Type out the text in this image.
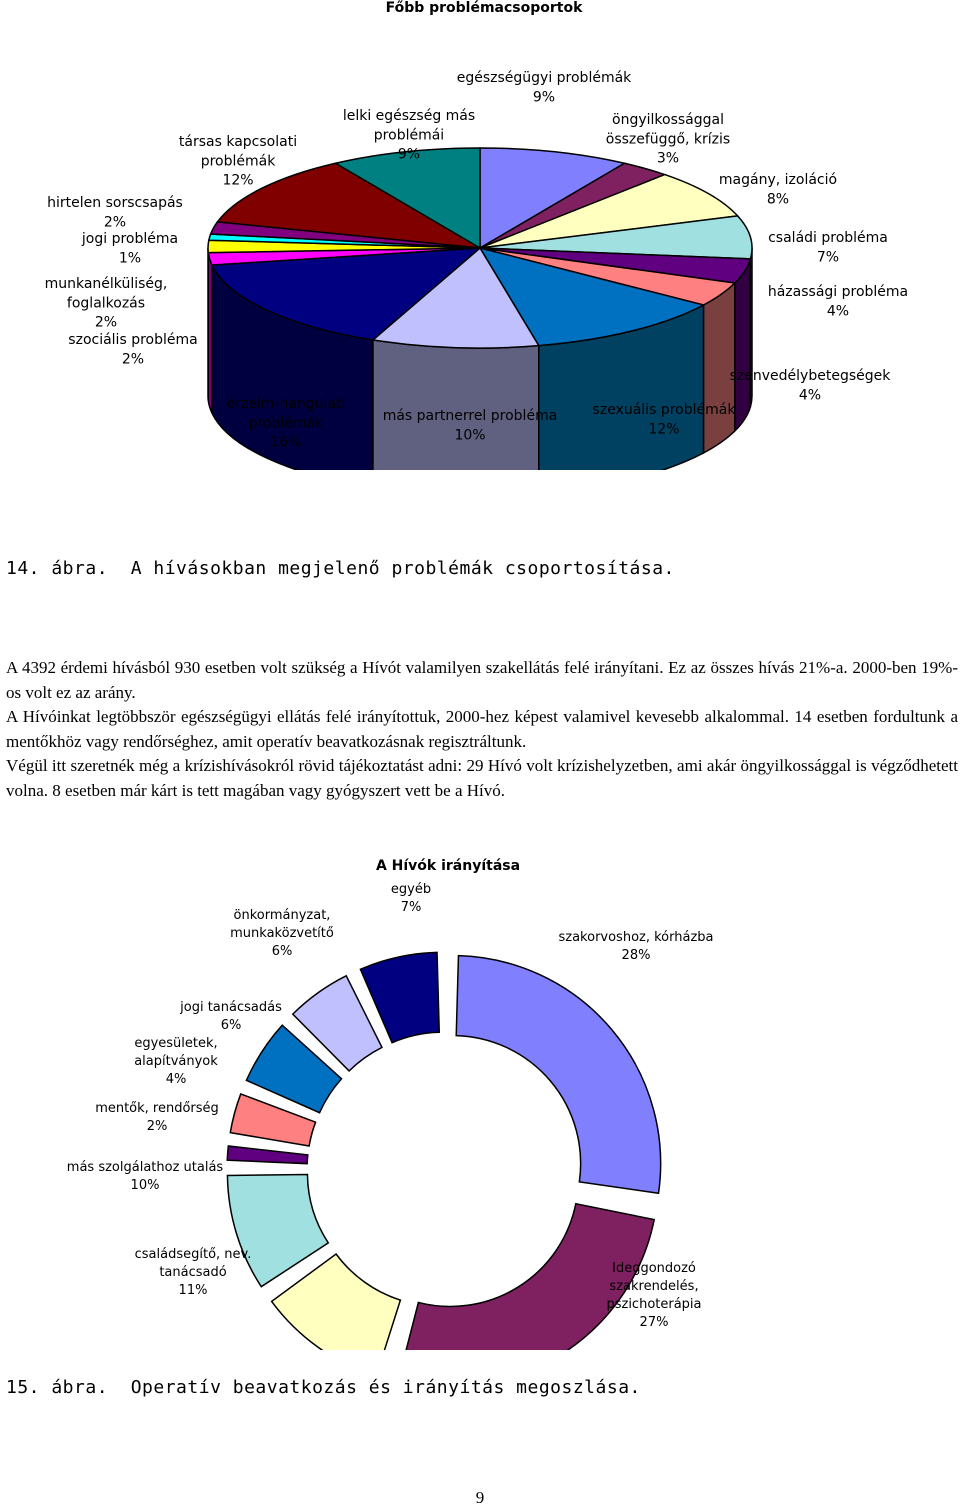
Főbb problémacsoportok
egészségügyi problémák 9%
öngyilkossággal összefüggő, krízis 3%
magány, izoláció 8%
családi probléma 7%
házassági probléma 4%
szenvedélybetegségek 4%
szexuális problémák 12%
más partnerrel probléma 10%
érzelm-hangulati problémák 16%
szociális probléma 2%
munkanélküliség, foglalkozás 2%
jogi probléma 1%
hirtelen sorscsapás 2%
társas kapcsolati problémák 12%
lelki egészség más problémái 9%
14. ábra.  A hívásokban megjelenő problémák csoportosítása.

A 4392 érdemi hívásból 930 esetben volt szükség a Hívót valamilyen szakellátás felé irányítani. Ez az összes hívás 21%-a. 2000-ben 19%-os volt ez az arány.

A Hívóinkat legtöbbször egészségügyi ellátás felé irányítottuk, 2000-hez képest valamivel kevesebb alkalommal. 14 esetben fordultunk a mentőkhöz vagy rendőrséghez, amit operatív beavatkozásnak regisztráltunk.

Végül itt szeretnék még a krízishívásokról rövid tájékoztatást adni: 29 Hívó volt krízishelyzetben, ami akár öngyilkossággal is végződhetett volna. 8 esetben már kárt is tett magában vagy gyógyszert vett be a Hívó.

A Hívók irányítása
szakorvoshoz, kórházba 28%
Ideggondozó szakrendelés, pszichoterápia 27%
családsegítő, nev. tanácsadó 11%
más szolgálathoz utalás 10%
mentők, rendőrség 2%
egyesületek, alapítványok 4%
jogi tanácsadás 6%
önkormányzat, munkaközvetítő 6%
egyéb 7%
15. ábra.  Operatív beavatkozás és irányítás megoszlása.
9
